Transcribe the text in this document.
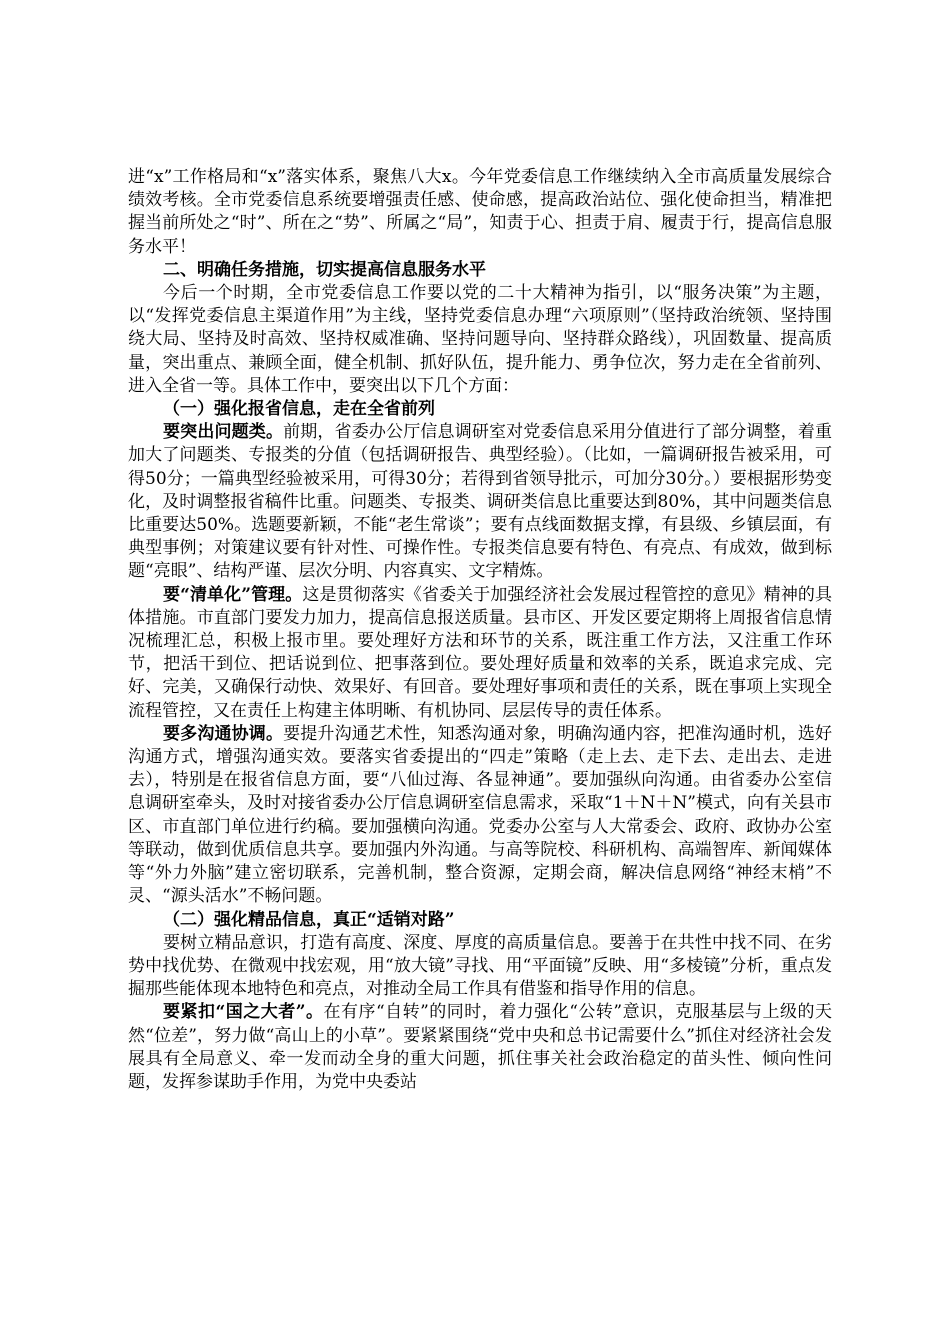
进“x”工作格局和“x”落实体系，聚焦八大x。今年党委信息工作继续纳入全市高质量发展综合绩效考核。全市党委信息系统要增强责任感、使命感，提高政治站位、强化使命担当，精准把握当前所处之“时”、所在之“势”、所属之“局”，知责于心、担责于肩、履责于行，提高信息服务水平！

二、明确任务措施，切实提高信息服务水平

今后一个时期，全市党委信息工作要以党的二十大精神为指引，以“服务决策”为主题，以“发挥党委信息主渠道作用”为主线，坚持党委信息办理“六项原则”（坚持政治统领、坚持围绕大局、坚持及时高效、坚持权威准确、坚持问题导向、坚持群众路线），巩固数量、提高质量，突出重点、兼顾全面，健全机制、抓好队伍，提升能力、勇争位次，努力走在全省前列、进入全省一等。具体工作中，要突出以下几个方面：

（一）强化报省信息，走在全省前列

要突出问题类。前期，省委办公厅信息调研室对党委信息采用分值进行了部分调整，着重加大了问题类、专报类的分值（包括调研报告、典型经验）。（比如，一篇调研报告被采用，可得50分；一篇典型经验被采用，可得30分；若得到省领导批示，可加分30分。）要根据形势变化，及时调整报省稿件比重。问题类、专报类、调研类信息比重要达到80%，其中问题类信息比重要达50%。选题要新颖，不能“老生常谈”；要有点线面数据支撑，有县级、乡镇层面，有典型事例；对策建议要有针对性、可操作性。专报类信息要有特色、有亮点、有成效，做到标题“亮眼”、结构严谨、层次分明、内容真实、文字精炼。

要“清单化”管理。这是贯彻落实《省委关于加强经济社会发展过程管控的意见》精神的具体措施。市直部门要发力加力，提高信息报送质量。县市区、开发区要定期将上周报省信息情况梳理汇总，积极上报市里。要处理好方法和环节的关系，既注重工作方法，又注重工作环节，把活干到位、把话说到位、把事落到位。要处理好质量和效率的关系，既追求完成、完好、完美，又确保行动快、效果好、有回音。要处理好事项和责任的关系，既在事项上实现全流程管控，又在责任上构建主体明晰、有机协同、层层传导的责任体系。

要多沟通协调。要提升沟通艺术性，知悉沟通对象，明确沟通内容，把准沟通时机，选好沟通方式，增强沟通实效。要落实省委提出的“四走”策略（走上去、走下去、走出去、走进去），特别是在报省信息方面，要“八仙过海、各显神通”。要加强纵向沟通。由省委办公室信息调研室牵头，及时对接省委办公厅信息调研室信息需求，采取“1＋N＋N”模式，向有关县市区、市直部门单位进行约稿。要加强横向沟通。党委办公室与人大常委会、政府、政协办公室等联动，做到优质信息共享。要加强内外沟通。与高等院校、科研机构、高端智库、新闻媒体等“外力外脑”建立密切联系，完善机制，整合资源，定期会商，解决信息网络“神经末梢”不灵、“源头活水”不畅问题。

（二）强化精品信息，真正“适销对路”

要树立精品意识，打造有高度、深度、厚度的高质量信息。要善于在共性中找不同、在劣势中找优势、在微观中找宏观，用“放大镜”寻找、用“平面镜”反映、用“多棱镜”分析，重点发掘那些能体现本地特色和亮点，对推动全局工作具有借鉴和指导作用的信息。

要紧扣“国之大者”。在有序“自转”的同时，着力强化“公转”意识，克服基层与上级的天然“位差”，努力做“高山上的小草”。要紧紧围绕“党中央和总书记需要什么”抓住对经济社会发展具有全局意义、牵一发而动全身的重大问题，抓住事关社会政治稳定的苗头性、倾向性问题，发挥参谋助手作用，为党中央委站
